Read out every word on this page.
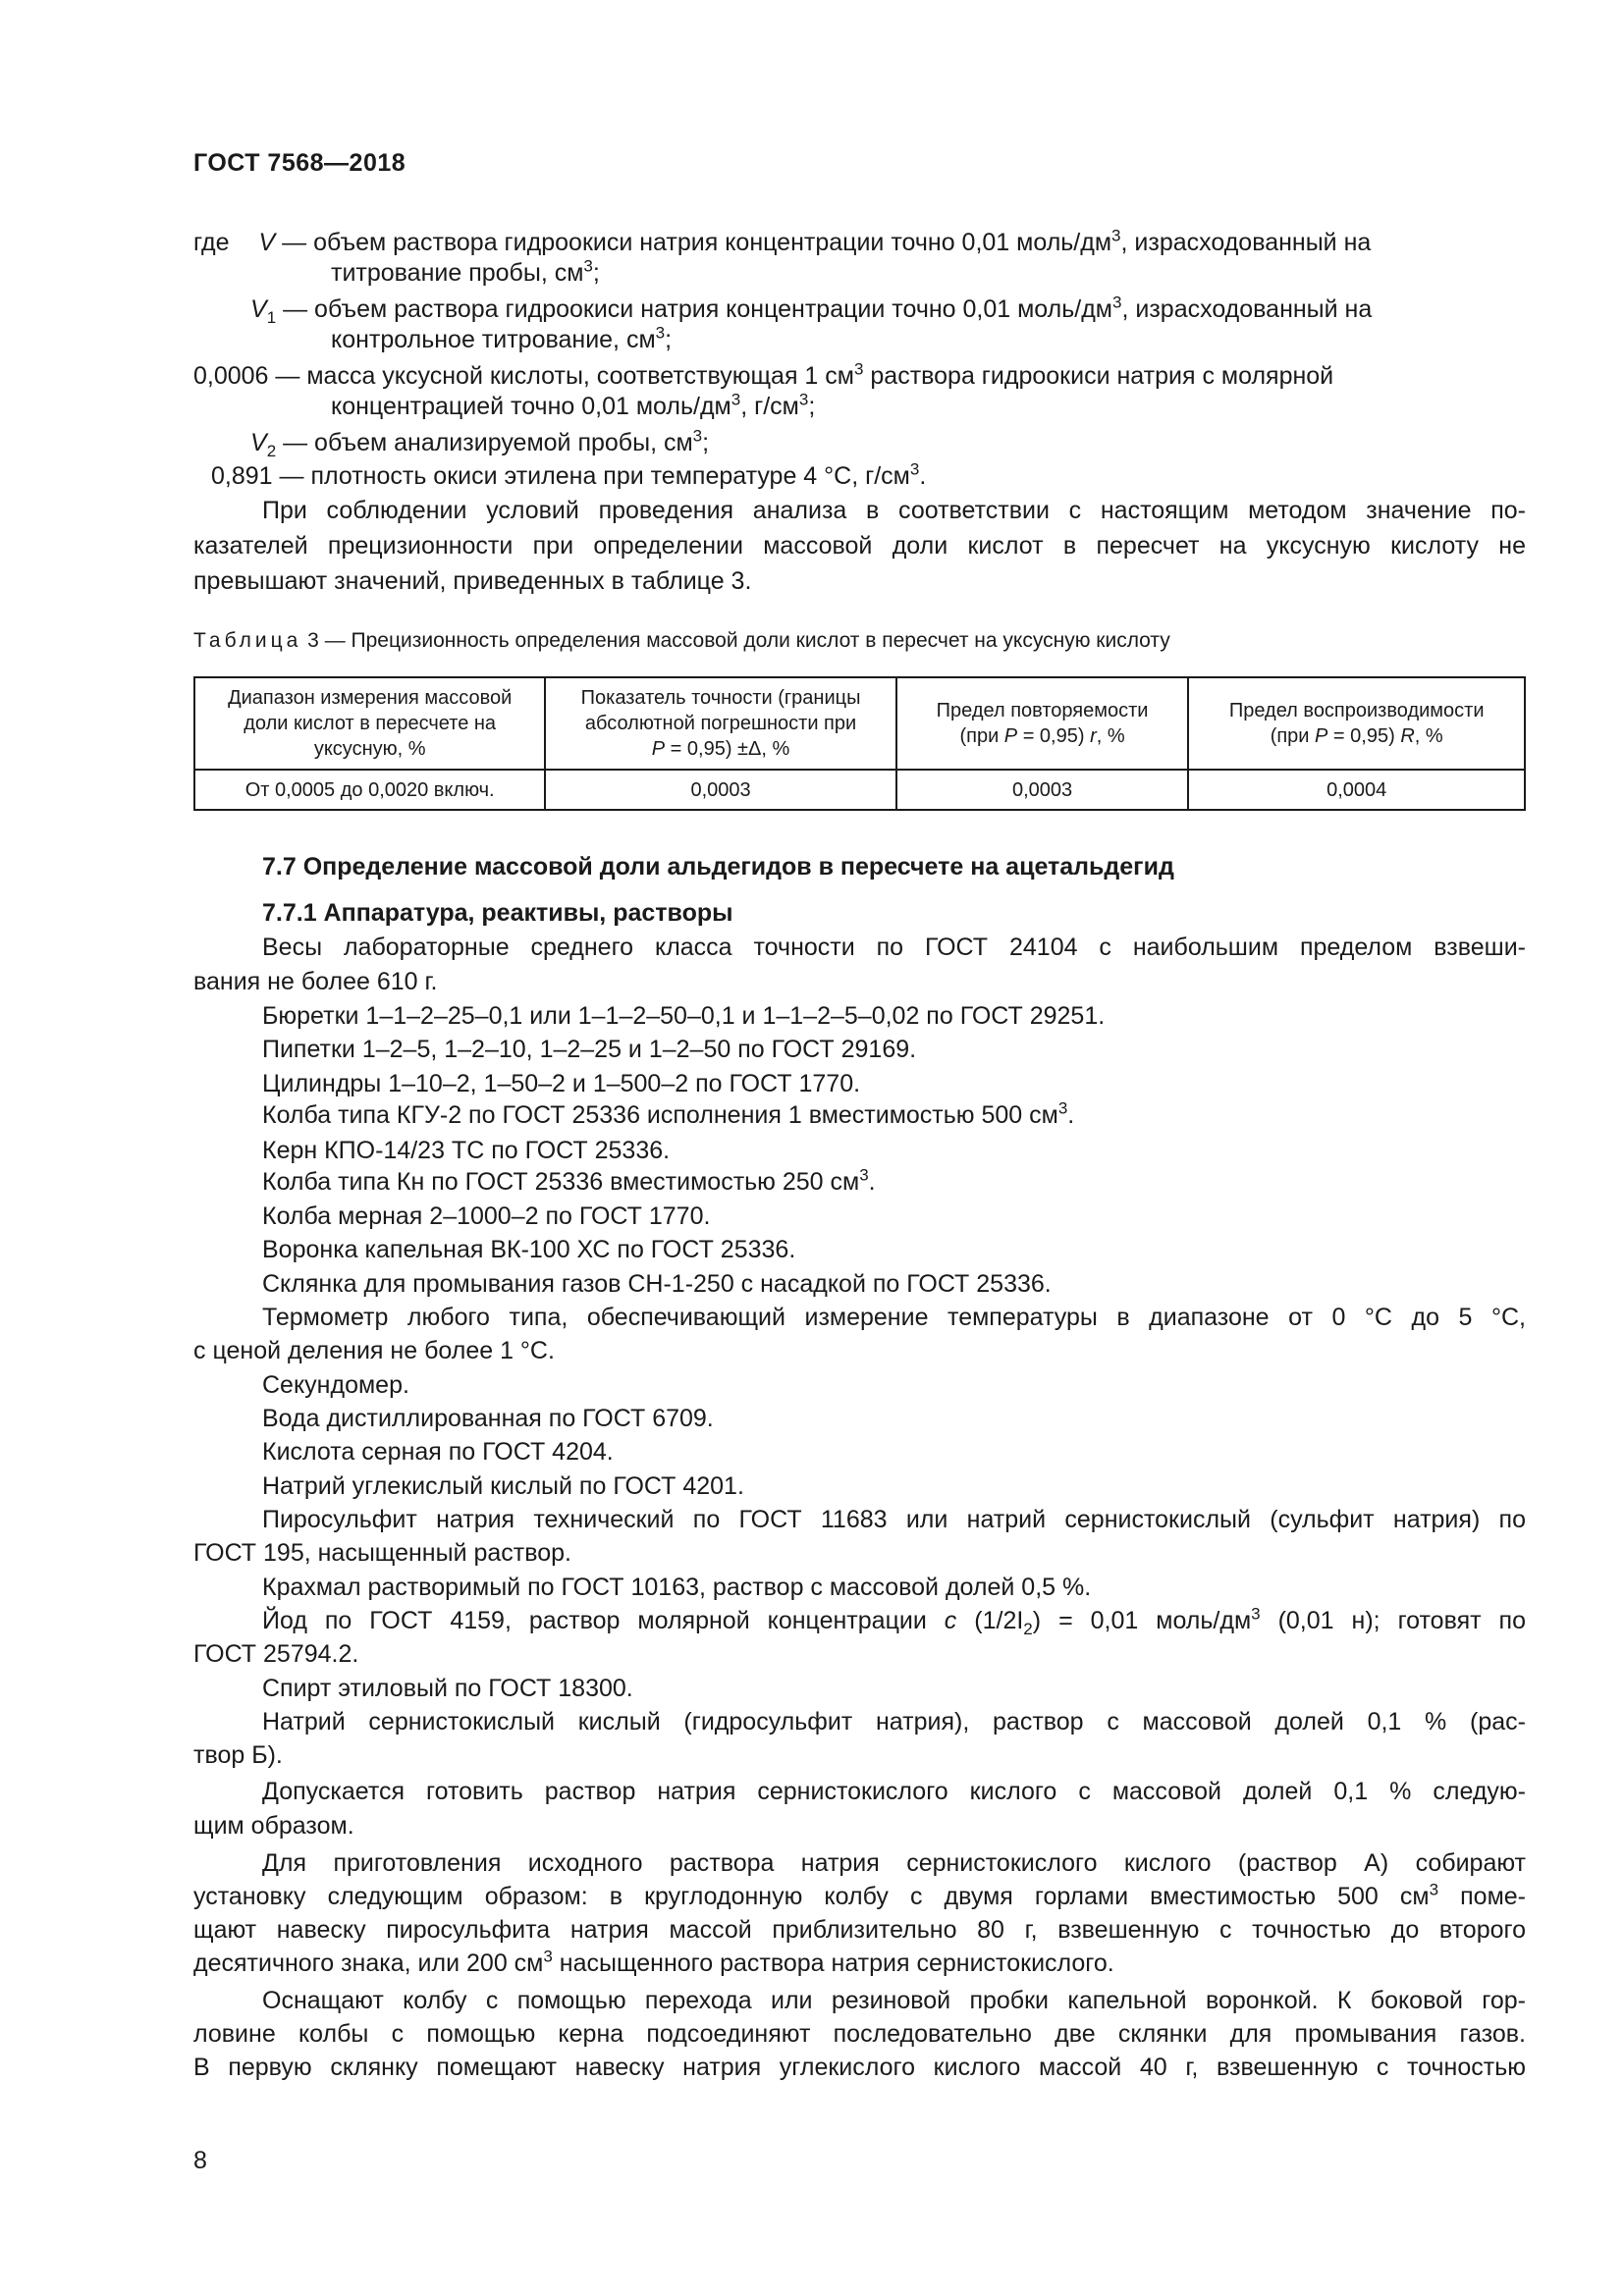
ГОСТ 7568—2018
где V — объем раствора гидроокиси натрия концентрации точно 0,01 моль/$дм^3$, израсходованный на
титрование пробы, $см^3$;
$V_1$ — объем раствора гидроокиси натрия концентрации точно 0,01 моль/$дм^3$, израсходованный на
контрольное титрование, $см^3$;
0,0006 — масса уксусной кислоты, соответствующая 1 $см^3$ раствора гидроокиси натрия с молярной
концентрацией точно 0,01 моль/$дм^3$, $г/см^3$;
$V_2$ — объем анализируемой пробы, $см^3$;
0,891 — плотность окиси этилена при температуре 4 °C, $г/см^3$.
При соблюдении условий проведения анализа в соответствии с настоящим методом значение по-
казателей прецизионности при определении массовой доли кислот в пересчет на уксусную кислоту не
превышают значений, приведенных в таблице 3.
Таблица 3 — Прецизионность определения массовой доли кислот в пересчет на уксусную кислоту
Диапазон измерения массовой
доли кислот в пересчете на
уксусную, %	Показатель точности (границы
абсолютной погрешности при
P = 0,95) ±Δ, %	Предел повторяемости
(при P = 0,95) r, %	Предел воспроизводимости
(при P = 0,95) R, %
От 0,0005 до 0,0020 включ.	0,0003	0,0003	0,0004
7.7 Определение массовой доли альдегидов в пересчете на ацетальдегид
7.7.1 Аппаратура, реактивы, растворы
Весы лабораторные среднего класса точности по ГОСТ 24104 с наибольшим пределом взвеши-
вания не более 610 г.
Бюретки 1–1–2–25–0,1 или 1–1–2–50–0,1 и 1–1–2–5–0,02 по ГОСТ 29251.
Пипетки 1–2–5, 1–2–10, 1–2–25 и 1–2–50 по ГОСТ 29169.
Цилиндры 1–10–2, 1–50–2 и 1–500–2 по ГОСТ 1770.
Колба типа КГУ-2 по ГОСТ 25336 исполнения 1 вместимостью 500 $см^3$.
Керн КПО-14/23 ТС по ГОСТ 25336.
Колба типа Кн по ГОСТ 25336 вместимостью 250 $см^3$.
Колба мерная 2–1000–2 по ГОСТ 1770.
Воронка капельная ВК-100 ХС по ГОСТ 25336.
Склянка для промывания газов СН-1-250 с насадкой по ГОСТ 25336.
Термометр любого типа, обеспечивающий измерение температуры в диапазоне от 0 °C до 5 °C,
с ценой деления не более 1 °C.
Секундомер.
Вода дистиллированная по ГОСТ 6709.
Кислота серная по ГОСТ 4204.
Натрий углекислый кислый по ГОСТ 4201.
Пиросульфит натрия технический по ГОСТ 11683 или натрий сернистокислый (сульфит натрия) по
ГОСТ 195, насыщенный раствор.
Крахмал растворимый по ГОСТ 10163, раствор с массовой долей 0,5 %.
Йод по ГОСТ 4159, раствор молярной концентрации c $(1/2I_2) = 0,01$ моль/$дм^3$ (0,01 н); готовят по
ГОСТ 25794.2.
Спирт этиловый по ГОСТ 18300.
Натрий сернистокислый кислый (гидросульфит натрия), раствор с массовой долей 0,1 % (рас-
твор Б).
Допускается готовить раствор натрия сернистокислого кислого с массовой долей 0,1 % следую-
щим образом.
Для приготовления исходного раствора натрия сернистокислого кислого (раствор А) собирают
установку следующим образом: в круглодонную колбу с двумя горлами вместимостью 500 $см^3$ поме-
щают навеску пиросульфита натрия массой приблизительно 80 г, взвешенную с точностью до второго
десятичного знака, или 200 $см^3$ насыщенного раствора натрия сернистокислого.
Оснащают колбу с помощью перехода или резиновой пробки капельной воронкой. К боковой гор-
ловине колбы с помощью керна подсоединяют последовательно две склянки для промывания газов.
В первую склянку помещают навеску натрия углекислого кислого массой 40 г, взвешенную с точностью
8
